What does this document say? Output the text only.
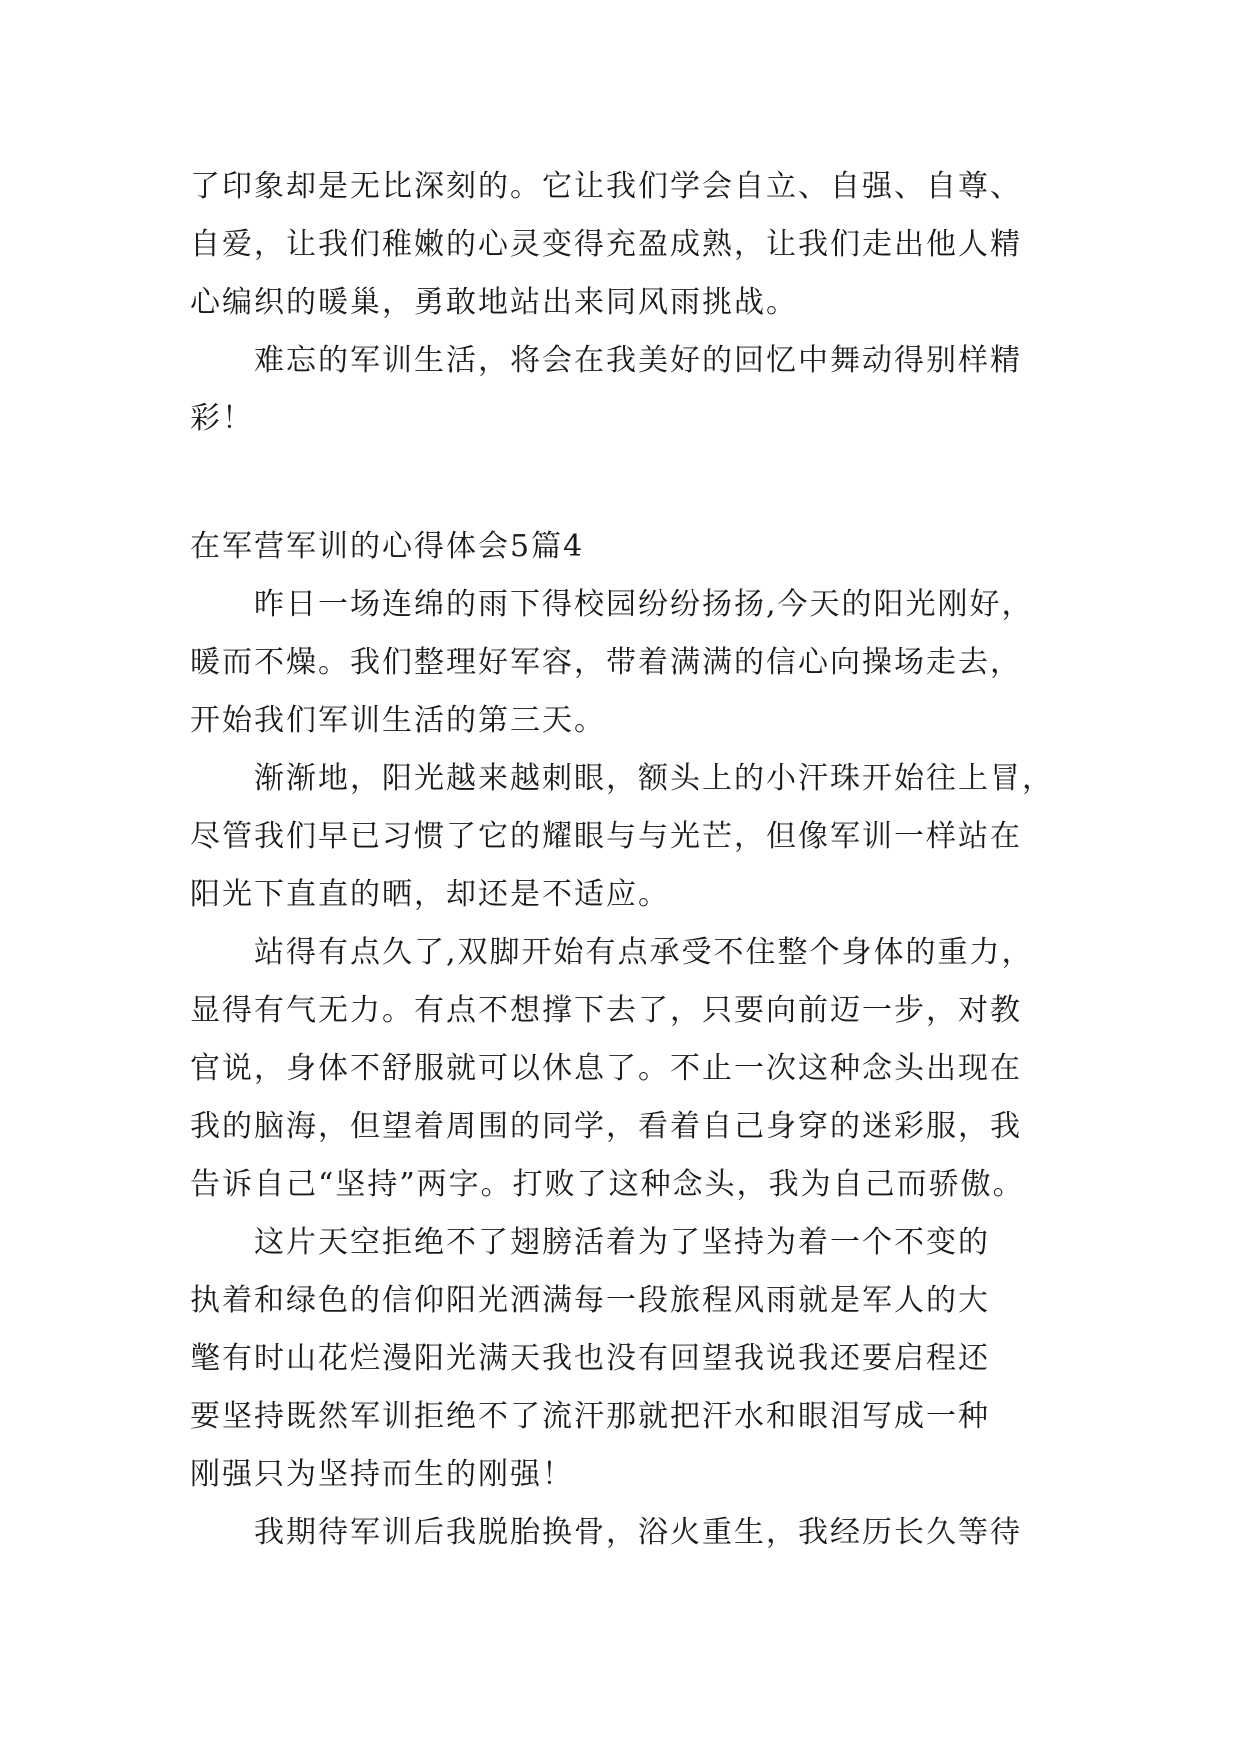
了印象却是无比深刻的。它让我们学会自立、自强、自尊、
自爱，让我们稚嫩的心灵变得充盈成熟，让我们走出他人精
心编织的暖巢，勇敢地站出来同风雨挑战。
难忘的军训生活，将会在我美好的回忆中舞动得别样精
彩！
在军营军训的心得体会5篇4
昨日一场连绵的雨下得校园纷纷扬扬,今天的阳光刚好，
暖而不燥。我们整理好军容，带着满满的信心向操场走去，
开始我们军训生活的第三天。
渐渐地，阳光越来越刺眼，额头上的小汗珠开始往上冒，
尽管我们早已习惯了它的耀眼与与光芒，但像军训一样站在
阳光下直直的晒，却还是不适应。
站得有点久了,双脚开始有点承受不住整个身体的重力，
显得有气无力。有点不想撑下去了，只要向前迈一步，对教
官说，身体不舒服就可以休息了。不止一次这种念头出现在
我的脑海，但望着周围的同学，看着自己身穿的迷彩服，我
告诉自己“坚持”两字。打败了这种念头，我为自己而骄傲。
这片天空拒绝不了翅膀活着为了坚持为着一个不变的
执着和绿色的信仰阳光洒满每一段旅程风雨就是军人的大
氅有时山花烂漫阳光满天我也没有回望我说我还要启程还
要坚持既然军训拒绝不了流汗那就把汗水和眼泪写成一种
刚强只为坚持而生的刚强！
我期待军训后我脱胎换骨，浴火重生，我经历长久等待
